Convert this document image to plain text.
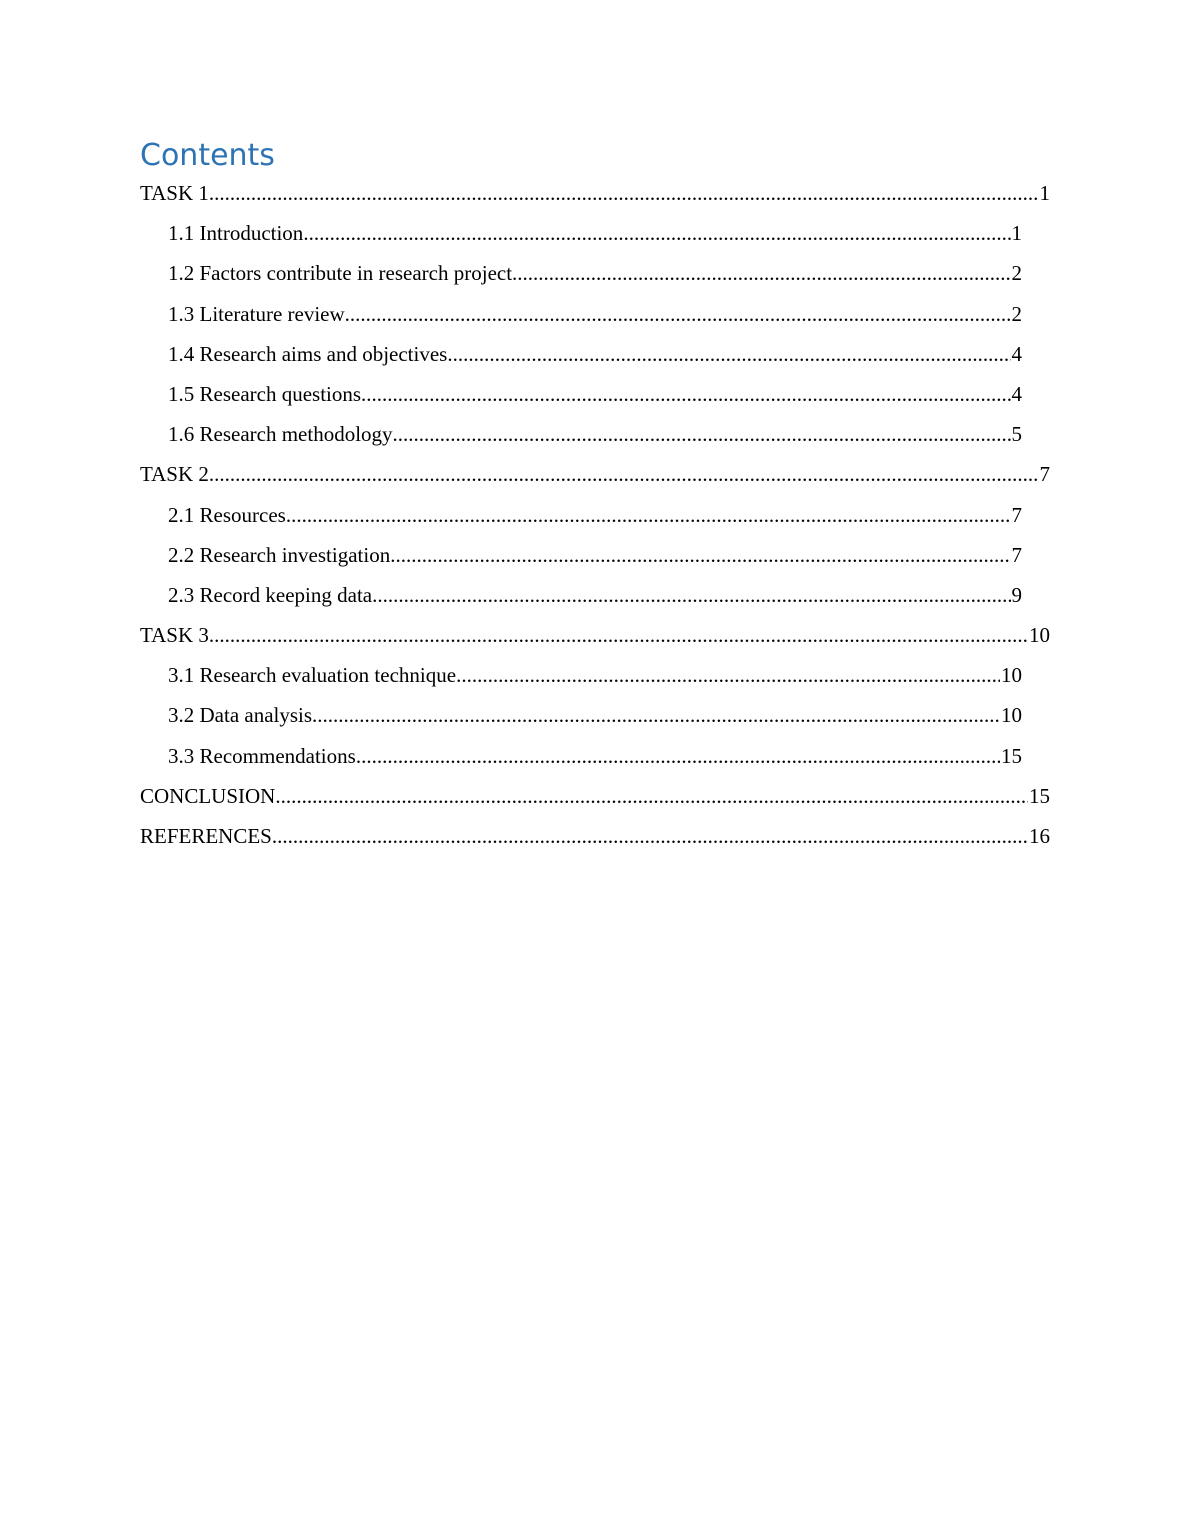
Contents
TASK 1 .....	1
1.1 Introduction .....	1
1.2 Factors contribute in research project .....	2
1.3 Literature review .....	2
1.4 Research aims and objectives .....	4
1.5 Research questions .....	4
1.6 Research methodology .....	5
TASK 2 .....	7
2.1 Resources .....	7
2.2 Research investigation .....	7
2.3 Record keeping data .....	9
TASK 3 .....	10
3.1 Research evaluation technique .....	10
3.2 Data analysis .....	10
3.3 Recommendations .....	15
CONCLUSION .....	15
REFERENCES .....	16
